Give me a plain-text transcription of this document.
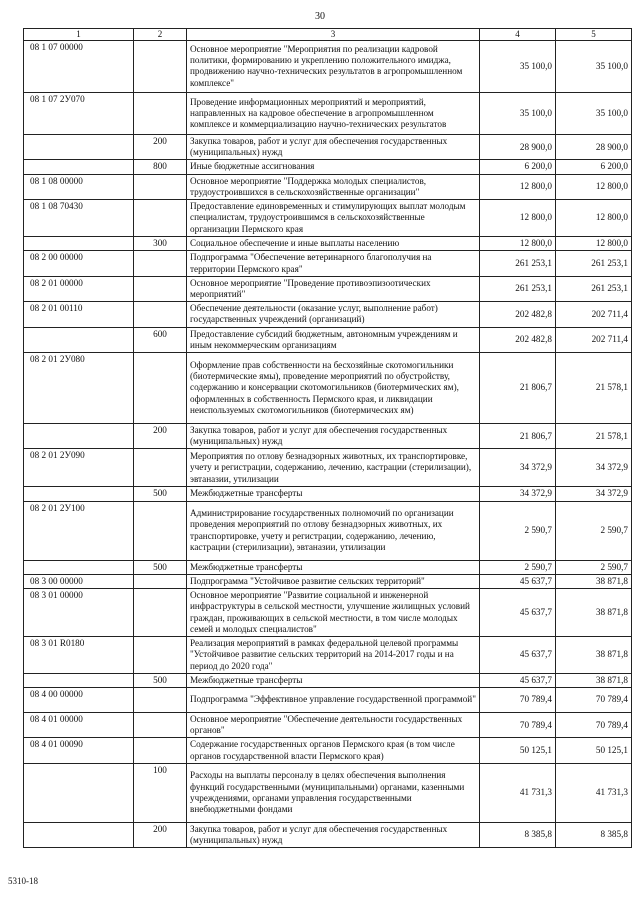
30
1	2	3	4	5
08 1 07 00000		Основное мероприятие "Мероприятия по реализации кадровой политики, формированию и укреплению положительного имиджа, продвижению научно-технических результатов в агропромышленном комплексе"	35 100,0	35 100,0
08 1 07 2У070		Проведение информационных мероприятий и мероприятий, направленных на кадровое обеспечение в агропромышленном комплексе и коммерциализацию научно-технических результатов	35 100,0	35 100,0
	200	Закупка товаров, работ и услуг для обеспечения государственных (муниципальных) нужд	28 900,0	28 900,0
	800	Иные бюджетные ассигнования	6 200,0	6 200,0
08 1 08 00000		Основное мероприятие "Поддержка молодых специалистов, трудоустроившихся в сельскохозяйственные организации"	12 800,0	12 800,0
08 1 08 70430		Предоставление единовременных и стимулирующих выплат молодым специалистам, трудоустроившимся в сельскохозяйственные организации Пермского края	12 800,0	12 800,0
	300	Социальное обеспечение и иные выплаты населению	12 800,0	12 800,0
08 2 00 00000		Подпрограмма "Обеспечение ветеринарного благополучия на территории Пермского края"	261 253,1	261 253,1
08 2 01 00000		Основное мероприятие "Проведение противоэпизоотических мероприятий"	261 253,1	261 253,1
08 2 01 00110		Обеспечение деятельности (оказание услуг, выполнение работ) государственных учреждений (организаций)	202 482,8	202 711,4
	600	Предоставление субсидий бюджетным, автономным учреждениям и иным некоммерческим организациям	202 482,8	202 711,4
08 2 01 2У080		Оформление прав собственности на бесхозяйные скотомогильники (биотермические ямы), проведение мероприятий по обустройству, содержанию и консервации скотомогильников (биотермических ям), оформленных в собственность Пермского края, и ликвидации неиспользуемых скотомогильников (биотермических ям)	21 806,7	21 578,1
	200	Закупка товаров, работ и услуг для обеспечения государственных (муниципальных) нужд	21 806,7	21 578,1
08 2 01 2У090		Мероприятия по отлову безнадзорных животных, их транспортировке, учету и регистрации, содержанию, лечению, кастрации (стерилизации), эвтаназии, утилизации	34 372,9	34 372,9
	500	Межбюджетные трансферты	34 372,9	34 372,9
08 2 01 2У100		Администрирование государственных полномочий по организации проведения мероприятий по отлову безнадзорных животных, их транспортировке, учету и регистрации, содержанию, лечению, кастрации (стерилизации), эвтаназии, утилизации	2 590,7	2 590,7
	500	Межбюджетные трансферты	2 590,7	2 590,7
08 3 00 00000		Подпрограмма "Устойчивое развитие сельских территорий"	45 637,7	38 871,8
08 3 01 00000		Основное мероприятие "Развитие социальной и инженерной инфраструктуры в сельской местности, улучшение жилищных условий граждан, проживающих в сельской местности, в том числе молодых семей и молодых специалистов"	45 637,7	38 871,8
08 3 01 R0180		Реализация мероприятий в рамках федеральной целевой программы "Устойчивое развитие сельских территорий на 2014-2017 годы и на период до 2020 года"	45 637,7	38 871,8
	500	Межбюджетные трансферты	45 637,7	38 871,8
08 4 00 00000		Подпрограмма "Эффективное управление государственной программой"	70 789,4	70 789,4
08 4 01 00000		Основное мероприятие "Обеспечение деятельности государственных органов"	70 789,4	70 789,4
08 4 01 00090		Содержание государственных органов Пермского края (в том числе органов государственной власти Пермского края)	50 125,1	50 125,1
	100	Расходы на выплаты персоналу в целях обеспечения выполнения функций государственными (муниципальными) органами, казенными учреждениями, органами управления государственными внебюджетными фондами	41 731,3	41 731,3
	200	Закупка товаров, работ и услуг для обеспечения государственных (муниципальных) нужд	8 385,8	8 385,8
5310-18
